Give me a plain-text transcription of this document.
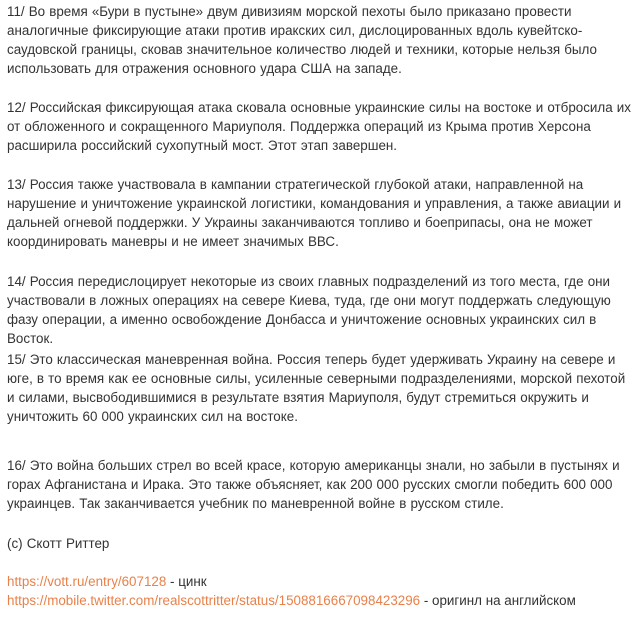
11/ Во время «Бури в пустыне» двум дивизиям морской пехоты было приказано провести аналогичные фиксирующие атаки против иракских сил, дислоцированных вдоль кувейтско-саудовской границы, сковав значительное количество людей и техники, которые нельзя было использовать для отражения основного удара США на западе.

12/ Российская фиксирующая атака сковала основные украинские силы на востоке и отбросила их от обложенного и сокращенного Мариуполя. Поддержка операций из Крыма против Херсона расширила российский сухопутный мост. Этот этап завершен.

13/ Россия также участвовала в кампании стратегической глубокой атаки, направленной на нарушение и уничтожение украинской логистики, командования и управления, а также авиации и дальней огневой поддержки. У Украины заканчиваются топливо и боеприпасы, она не может координировать маневры и не имеет значимых ВВС.

14/ Россия передислоцирует некоторые из своих главных подразделений из того места, где они участвовали в ложных операциях на севере Киева, туда, где они могут поддержать следующую фазу операции, а именно освобождение Донбасса и уничтожение основных украинских сил в Восток.

15/ Это классическая маневренная война. Россия теперь будет удерживать Украину на севере и юге, в то время как ее основные силы, усиленные северными подразделениями, морской пехотой и силами, высвободившимися в результате взятия Мариуполя, будут стремиться окружить и уничтожить 60 000 украинских сил на востоке.

16/ Это война больших стрел во всей красе, которую американцы знали, но забыли в пустынях и горах Афганистана и Ирака. Это также объясняет, как 200 000 русских смогли победить 600 000 украинцев. Так заканчивается учебник по маневренной войне в русском стиле.

(с) Скотт Риттер
https://vott.ru/entry/607128 - цинк
https://mobile.twitter.com/realscottritter/status/1508816667098423296 - оригинл на английском
